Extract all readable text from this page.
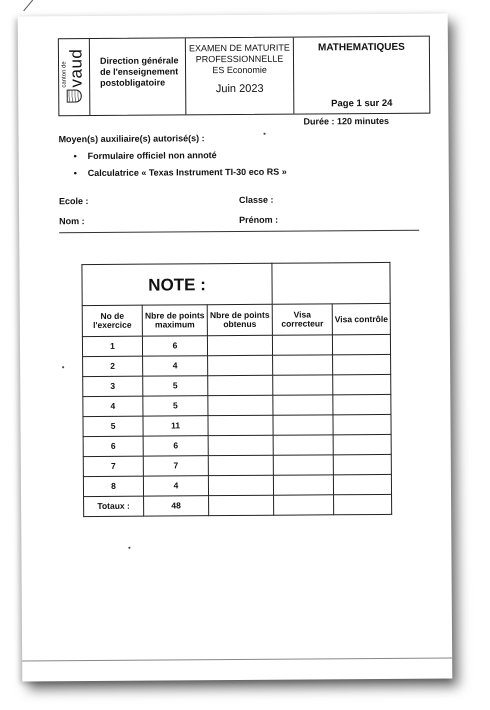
canton de
vaud	Direction générale de l'enseignement postobligatoire
EXAMEN DE MATURITE
PROFESSIONNELLE
ES Economie
Juin 2023
MATHEMATIQUES
Page 1 sur 24
Durée : 120 minutes
Moyen(s) auxiliaire(s) autorisé(s) :
• Formulaire officiel non annoté
• Calculatrice « Texas Instrument TI-30 eco RS »
Ecole :	Classe :
Nom :	Prénom :
NOTE :				
No de l'exercice	Nbre de points maximum	Nbre de points obtenus	Visa correcteur	Visa contrôle
1	6			
2	4			
3	5			
4	5			
5	11			
6	6			
7	7			
8	4			
Totaux :	48			
